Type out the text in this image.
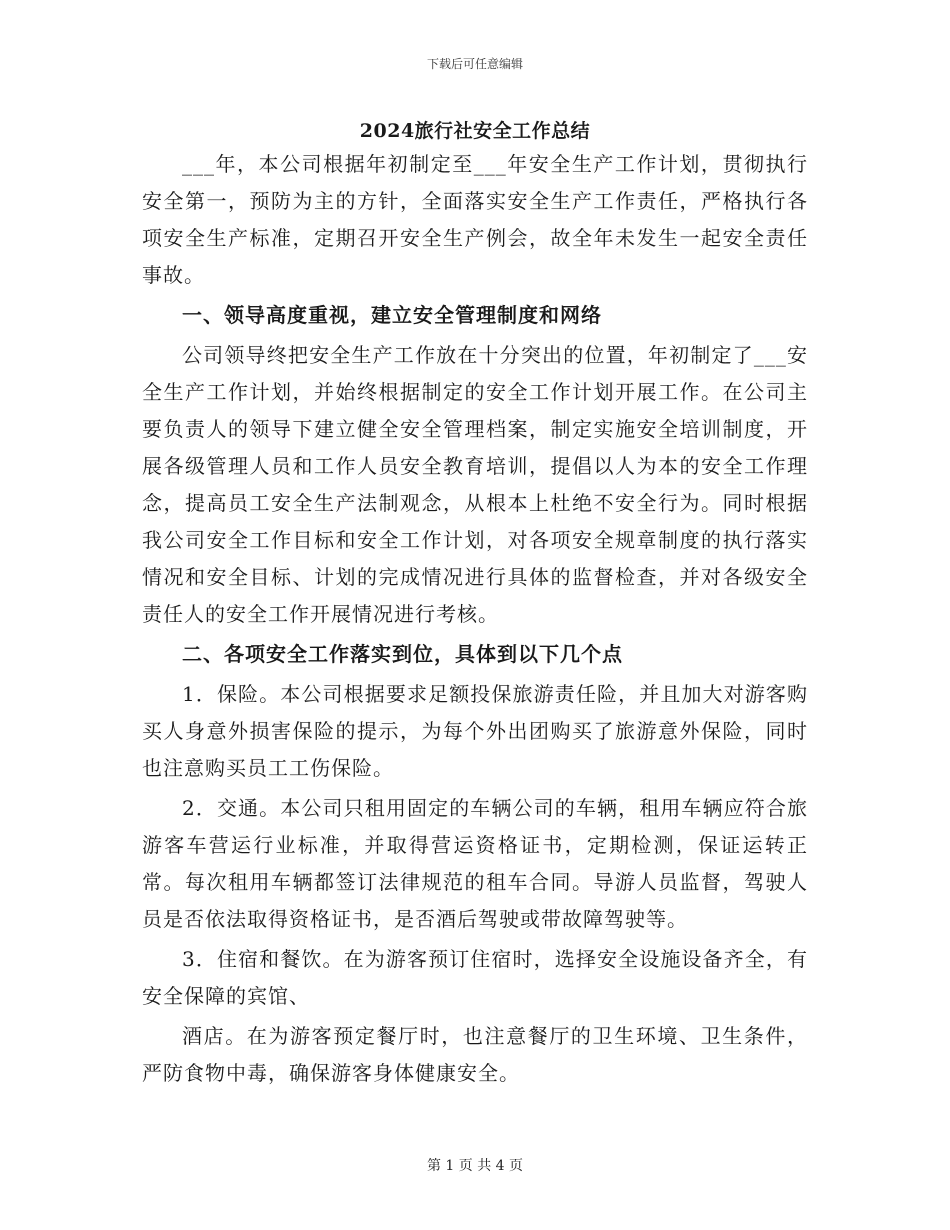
下载后可任意编辑
2024旅行社安全工作总结

___年，本公司根据年初制定至___年安全生产工作计划，贯彻执行安全第一，预防为主的方针，全面落实安全生产工作责任，严格执行各项安全生产标准，定期召开安全生产例会，故全年未发生一起安全责任事故。

一、领导高度重视，建立安全管理制度和网络

公司领导终把安全生产工作放在十分突出的位置，年初制定了___安全生产工作计划，并始终根据制定的安全工作计划开展工作。在公司主要负责人的领导下建立健全安全管理档案，制定实施安全培训制度，开展各级管理人员和工作人员安全教育培训，提倡以人为本的安全工作理念，提高员工安全生产法制观念，从根本上杜绝不安全行为。同时根据我公司安全工作目标和安全工作计划，对各项安全规章制度的执行落实情况和安全目标、计划的完成情况进行具体的监督检查，并对各级安全责任人的安全工作开展情况进行考核。

二、各项安全工作落实到位，具体到以下几个点

1．保险。本公司根据要求足额投保旅游责任险，并且加大对游客购买人身意外损害保险的提示，为每个外出团购买了旅游意外保险，同时也注意购买员工工伤保险。

2．交通。本公司只租用固定的车辆公司的车辆，租用车辆应符合旅游客车营运行业标准，并取得营运资格证书，定期检测，保证运转正常。每次租用车辆都签订法律规范的租车合同。导游人员监督，驾驶人员是否依法取得资格证书，是否酒后驾驶或带故障驾驶等。

3．住宿和餐饮。在为游客预订住宿时，选择安全设施设备齐全，有安全保障的宾馆、

酒店。在为游客预定餐厅时，也注意餐厅的卫生环境、卫生条件，严防食物中毒，确保游客身体健康安全。

第 1 页 共 4 页
